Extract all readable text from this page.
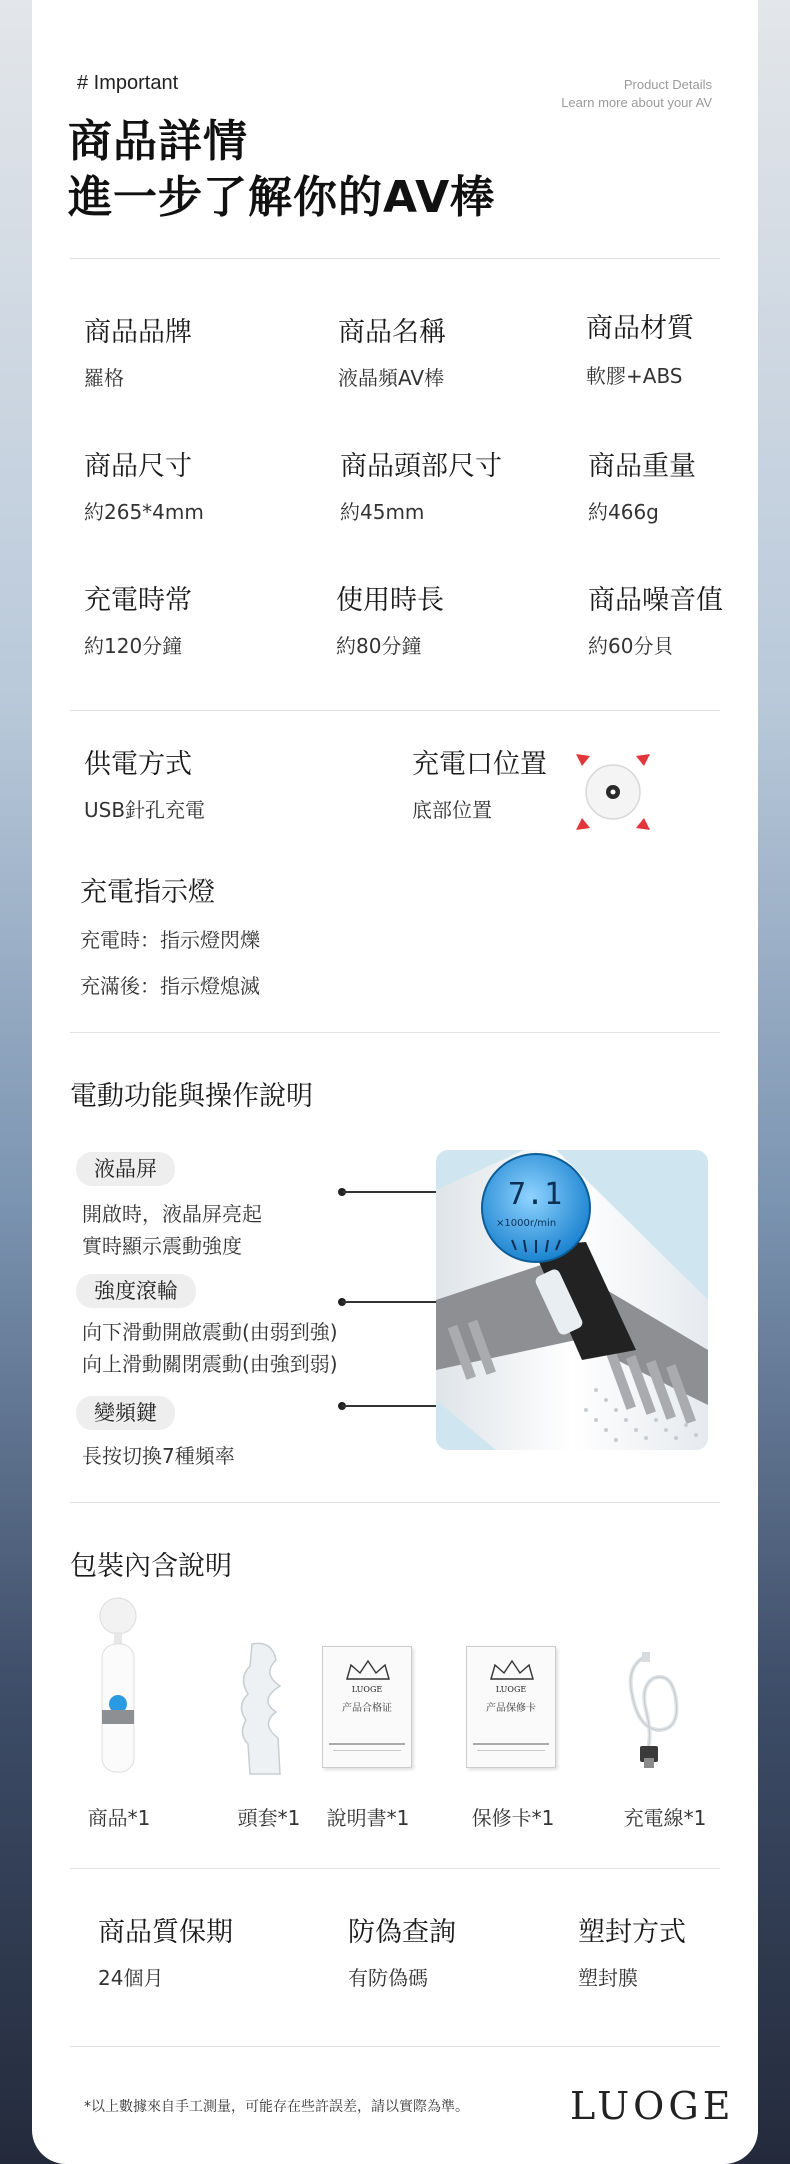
# Important	Product Details
Learn more about your AV
商品詳情
進一步了解你的AV棒
商品品牌
羅格
商品名稱
液晶頻AV棒
商品材質
軟膠+ABS
商品尺寸
約265*4mm
商品頭部尺寸
約45mm
商品重量
約466g
充電時常
約120分鐘
使用時長
約80分鐘
商品噪音值
約60分貝
供電方式
USB針孔充電
充電口位置
底部位置
充電指示燈
充電時：指示燈閃爍
充滿後：指示燈熄滅
電動功能與操作說明
液晶屏
開啟時，液晶屏亮起
實時顯示震動強度
強度滾輪
向下滑動開啟震動(由弱到強)
向上滑動關閉震動(由強到弱)
變頻鍵
長按切換7種頻率
7.1
×1000r/min
包裝內含說明
LUOGE
产品合格证
LUOGE
产品保修卡
商品*1	頭套*1	說明書*1	保修卡*1	充電線*1
商品質保期
24個月
防偽查詢
有防偽碼
塑封方式
塑封膜
*以上數據來自手工測量，可能存在些許誤差，請以實際為準。	LUOGE
